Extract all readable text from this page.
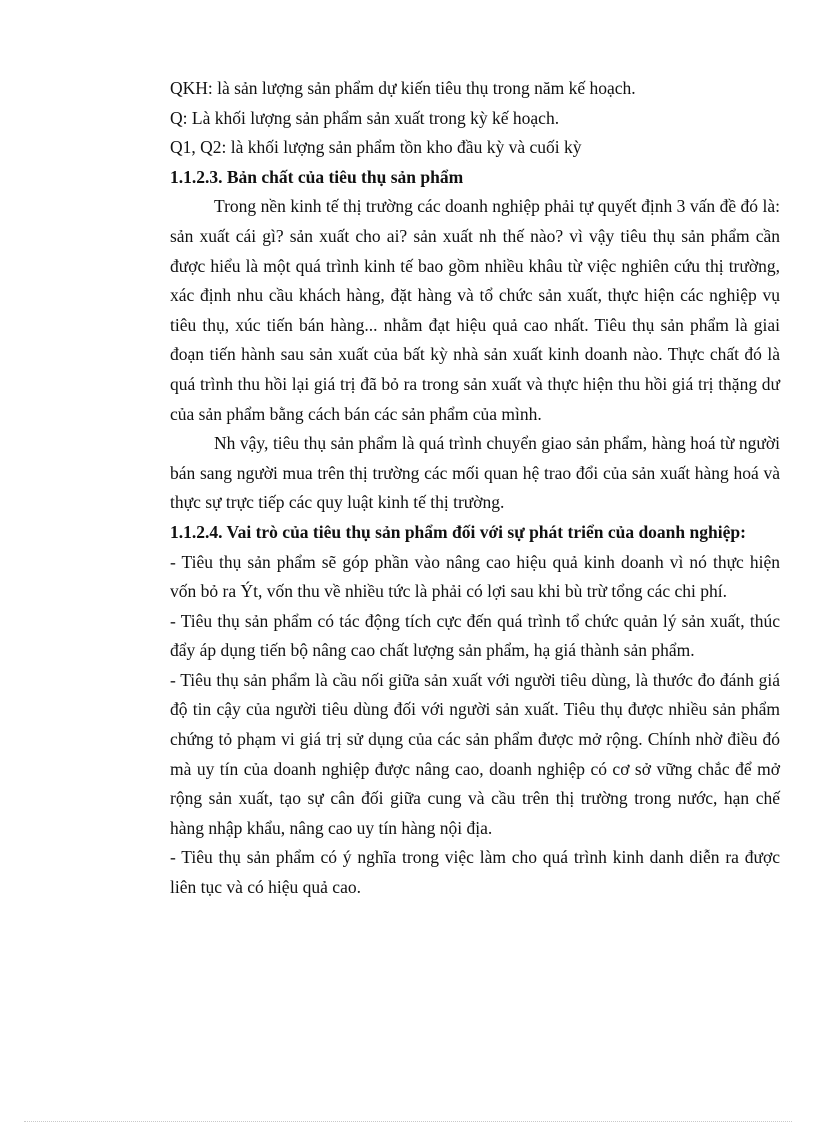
QKH: là sản lượng sản phẩm dự kiến tiêu thụ trong năm kế hoạch.

Q: Là khối lượng sản phẩm sản xuất trong kỳ kế hoạch.

Q1, Q2: là khối lượng sản phẩm tồn kho đầu kỳ và cuối kỳ

1.1.2.3. Bản chất của tiêu thụ sản phẩm

Trong nền kinh tế thị trường các doanh nghiệp phải tự quyết định 3 vấn đề đó là: sản xuất cái gì? sản xuất cho ai? sản xuất nh thế nào? vì vậy tiêu thụ sản phẩm cần được hiểu là một quá trình kinh tế bao gồm nhiều khâu từ việc nghiên cứu thị trường, xác định nhu cầu khách hàng, đặt hàng và tổ chức sản xuất, thực hiện các nghiệp vụ tiêu thụ, xúc tiến bán hàng... nhằm đạt hiệu quả cao nhất. Tiêu thụ sản phẩm là giai đoạn tiến hành sau sản xuất của bất kỳ nhà sản xuất kinh doanh nào. Thực chất đó là quá trình thu hồi lại giá trị đã bỏ ra trong sản xuất và thực hiện thu hồi giá trị thặng dư của sản phẩm bằng cách bán các sản phẩm của mình.

Nh vậy, tiêu thụ sản phẩm là quá trình chuyển giao sản phẩm, hàng hoá từ người bán sang người mua trên thị trường các mối quan hệ trao đổi của sản xuất hàng hoá và thực sự trực tiếp các quy luật kinh tế thị trường.

1.1.2.4. Vai trò của tiêu thụ sản phẩm đối với sự phát triển của doanh nghiệp:

- Tiêu thụ sản phẩm sẽ góp phần vào nâng cao hiệu quả kinh doanh vì nó thực hiện vốn bỏ ra Ýt, vốn thu về nhiều tức là phải có lợi sau khi bù trừ tổng các chi phí.

- Tiêu thụ sản phẩm có tác động tích cực đến quá trình tổ chức quản lý sản xuất, thúc đẩy áp dụng tiến bộ nâng cao chất lượng sản phẩm, hạ giá thành sản phẩm.

- Tiêu thụ sản phẩm là cầu nối giữa sản xuất với người tiêu dùng, là thước đo đánh giá độ tin cậy của người tiêu dùng đối với người sản xuất. Tiêu thụ được nhiều sản phẩm chứng tỏ phạm vi giá trị sử dụng của các sản phẩm được mở rộng. Chính nhờ điều đó mà uy tín của doanh nghiệp được nâng cao, doanh nghiệp có cơ sở vững chắc để mở rộng sản xuất, tạo sự cân đối giữa cung và cầu trên thị trường trong nước, hạn chế hàng nhập khẩu, nâng cao uy tín hàng nội địa.

- Tiêu thụ sản phẩm có ý nghĩa trong việc làm cho quá trình kinh danh diễn ra được liên tục và có hiệu quả cao.
